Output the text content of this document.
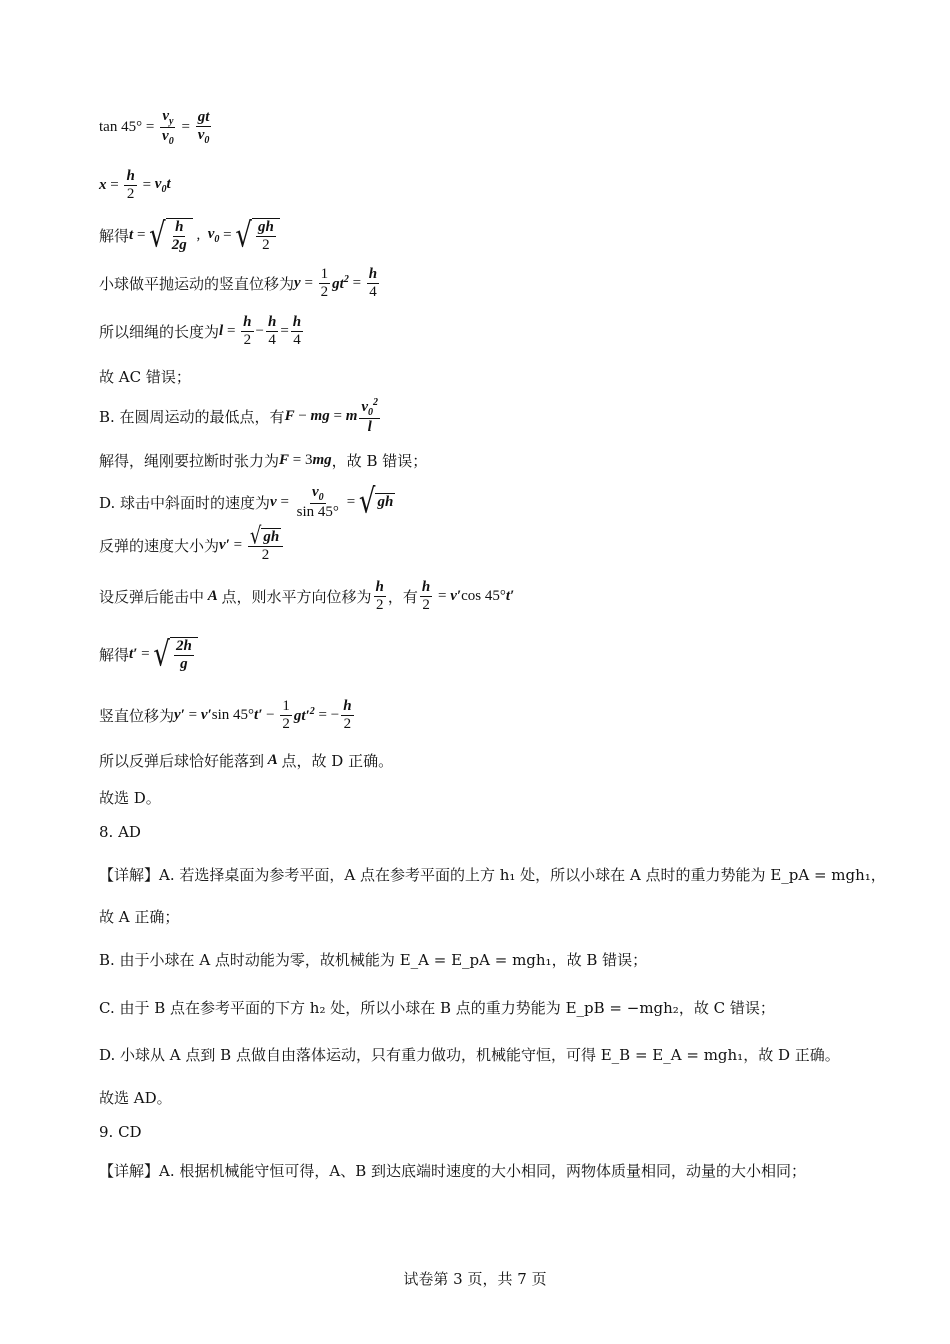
$\tan 45^\circ = \frac{v_y}{v_0} = \frac{gt}{v_0}$
$x = \frac{h}{2} = v_0t$
解得 t = √ $\frac{h}{2g}$ , $v_0$ = √ $\frac{gh}{2}$
小球做平抛运动的竖直位移为 $y = \frac{1}{2} gt^2 = \frac{h}{4}$
所以细绳的长度为 $l = \frac{h}{2} - \frac{h}{4} = \frac{h}{4}$
故 AC 错误；
B. 在圆周运动的最低点，有 F − mg = m $\frac{v_0^2}{l}$
解得，绳刚要拉断时张力为 F = 3 mg ，故 B 错误；
D. 球击中斜面时的速度为 $v = \frac{v_0}{\sin 45^\circ}$ = √ gh
反弹的速度大小为 $v' = \frac{√ gh}{2}$
设反弹后能击中 A 点，则水平方向位移为 $\frac{h}{2}$ ，有 $\frac{h}{2} = v'$ cos 45° t′
解得 t′ = √ $\frac{2h}{g}$
竖直位移为 y′ = v′ sin 45° $t' - \frac{1}{2} gt'^2$ = − $\frac{h}{2}$
所以反弹后球恰好能落到 A 点，故 D 正确。
故选 D。
8. AD
【详解】A. 若选择桌面为参考平面，A 点在参考平面的上方 h₁ 处，所以小球在 A 点时的重力势能为 E_pA = mgh₁，
故 A 正确；
B. 由于小球在 A 点时动能为零，故机械能为 E_A = E_pA = mgh₁，故 B 错误；
C. 由于 B 点在参考平面的下方 h₂ 处，所以小球在 B 点的重力势能为 E_pB = −mgh₂，故 C 错误；
D. 小球从 A 点到 B 点做自由落体运动，只有重力做功，机械能守恒，可得 E_B = E_A = mgh₁，故 D 正确。
故选 AD。
9. CD
【详解】A. 根据机械能守恒可得，A、B 到达底端时速度的大小相同，两物体质量相同，动量的大小相同；
试卷第 3 页，共 7 页
